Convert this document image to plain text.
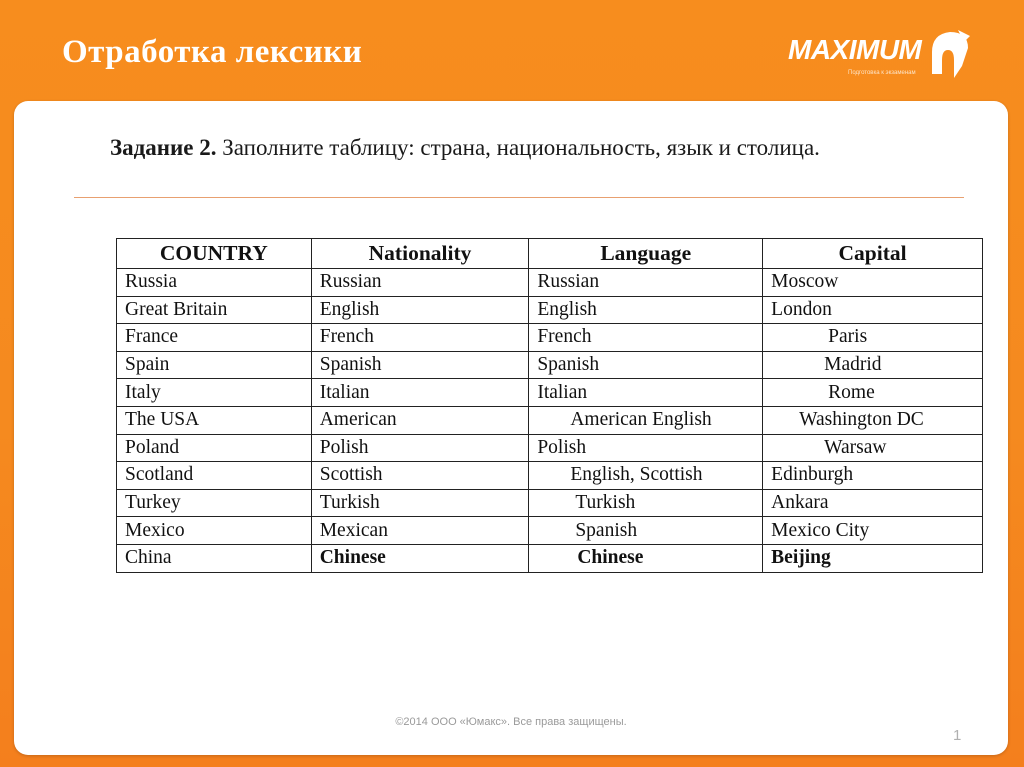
Отработка лексики	MAXIMUM
Подготовка к экзаменам
Задание 2. Заполните таблицу: страна, национальность, язык и столица.
COUNTRY	Nationality	Language	Capital
Russia	Russian	Russian	Moscow
Great Britain	English	English	London
France	French	French	Paris
Spain	Spanish	Spanish	Madrid
Italy	Italian	Italian	Rome
The USA	American	American English	Washington DC
Poland	Polish	Polish	Warsaw
Scotland	Scottish	English, Scottish	Edinburgh
Turkey	Turkish	Turkish	Ankara
Mexico	Mexican	Spanish	Mexico City
China	Chinese	Chinese	Beijing
©2014 ООО «Юмакс». Все права защищены.
1
